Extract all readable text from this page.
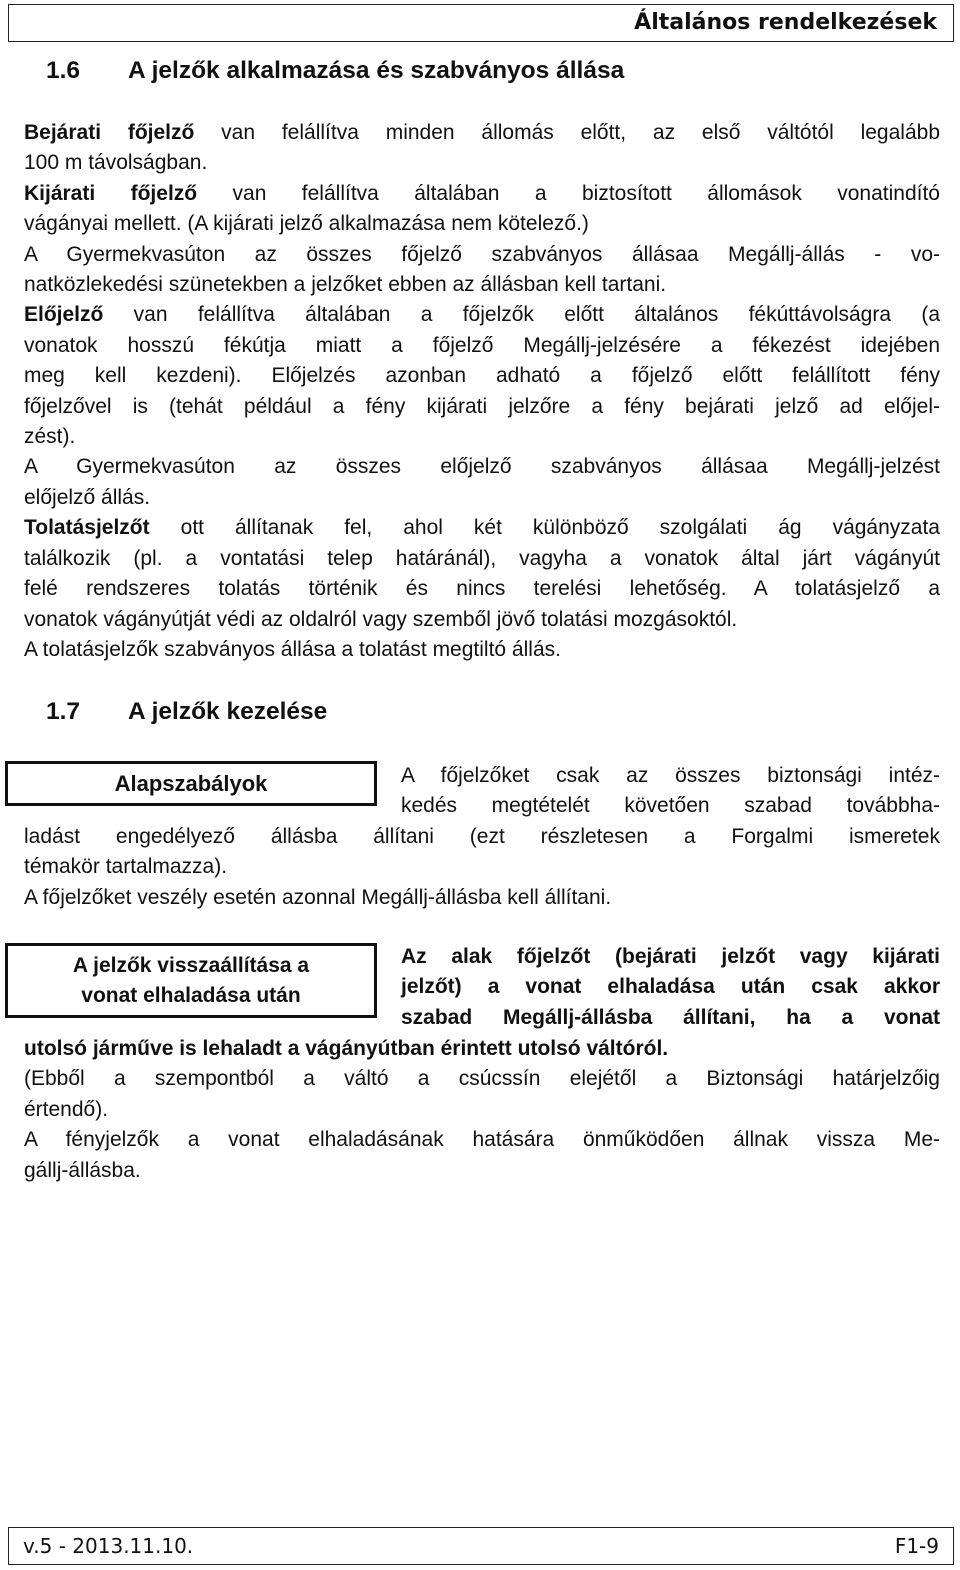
Általános rendelkezések
1.6 A jelzők alkalmazása és szabványos állása

Bejárati főjelző van felállítva minden állomás előtt, az első váltótól legalább

100 m távolságban.

Kijárati főjelző van felállítva általában a biztosított állomások vonatindító

vágányai mellett. (A kijárati jelző alkalmazása nem kötelező.)

A Gyermekvasúton az összes főjelző szabványos állásaa Megállj-állás - vo-

natközlekedési szünetekben a jelzőket ebben az állásban kell tartani.

Előjelző van felállítva általában a főjelzők előtt általános fékúttávolságra (a

vonatok hosszú fékútja miatt a főjelző Megállj-jelzésére a fékezést idejében

meg kell kezdeni). Előjelzés azonban adható a főjelző előtt felállított fény

főjelzővel is (tehát például a fény kijárati jelzőre a fény bejárati jelző ad előjel-

zést).

A Gyermekvasúton az összes előjelző szabványos állásaa Megállj-jelzést

előjelző állás.

Tolatásjelzőt ott állítanak fel, ahol két különböző szolgálati ág vágányzata

találkozik (pl. a vontatási telep határánál), vagyha a vonatok által járt vágányút

felé rendszeres tolatás történik és nincs terelési lehetőség. A tolatásjelző a

vonatok vágányútját védi az oldalról vagy szemből jövő tolatási mozgásoktól.

A tolatásjelzők szabványos állása a tolatást megtiltó állás.

1.7 A jelzők kezelése
Alapszabályok	A főjelzőket csak az összes biztonsági intéz-

kedés megtételét követően szabad továbbha-

ladást engedélyező állásba állítani (ezt részletesen a Forgalmi ismeretek

témakör tartalmazza).

A főjelzőket veszély esetén azonnal Megállj-állásba kell állítani.

A jelzők visszaállítása a
vonat elhaladása után

Az alak főjelzőt (bejárati jelzőt vagy kijárati

jelzőt) a vonat elhaladása után csak akkor

szabad Megállj-állásba állítani, ha a vonat

utolsó járműve is lehaladt a vágányútban érintett utolsó váltóról.

(Ebből a szempontból a váltó a csúcssín elejétől a Biztonsági határjelzőig

értendő).

A fényjelzők a vonat elhaladásának hatására önműködően állnak vissza Me-

gállj-állásba.

v.5 - 2013.11.10.	F1-9
